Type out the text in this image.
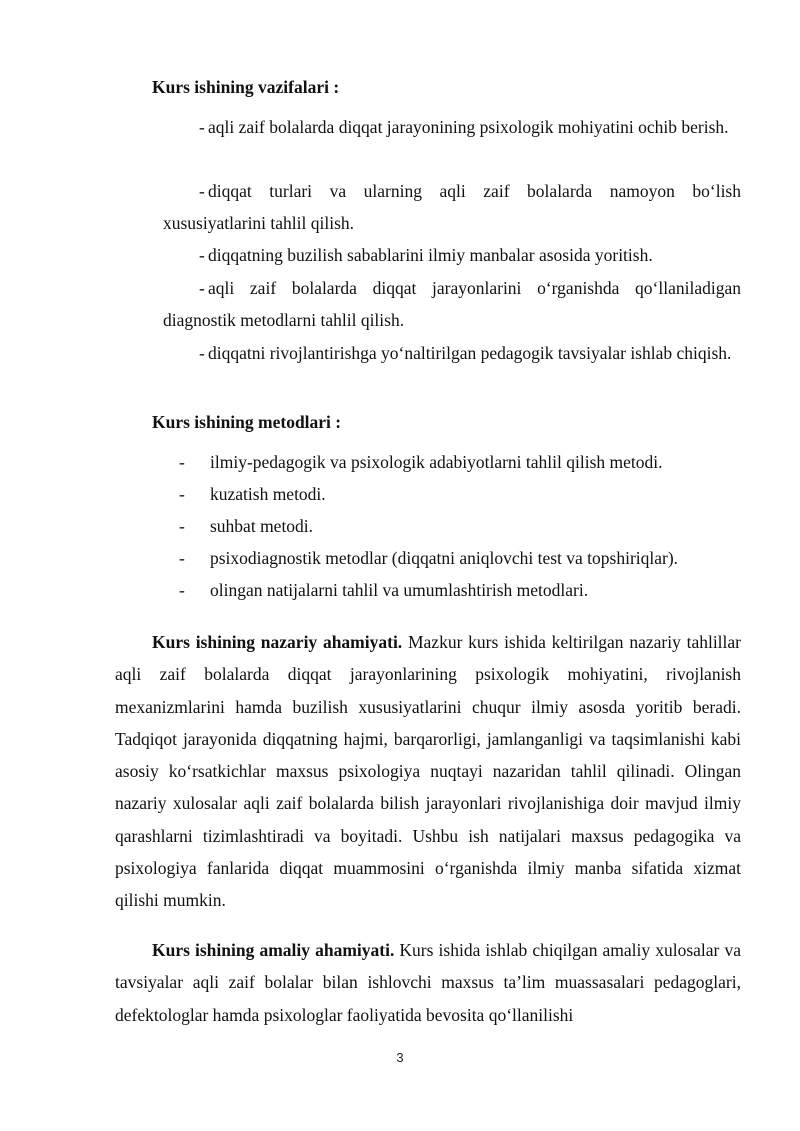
Kurs ishining vazifalari :

- aqli zaif bolalarda diqqat jarayonining psixologik mohiyatini ochib berish.

- diqqat turlari va ularning aqli zaif bolalarda namoyon bo‘lish xususiyatlarini tahlil qilish.

- diqqatning buzilish sabablarini ilmiy manbalar asosida yoritish.

- aqli zaif bolalarda diqqat jarayonlarini o‘rganishda qo‘llaniladigan diagnostik metodlarni tahlil qilish.

- diqqatni rivojlantirishga yo‘naltirilgan pedagogik tavsiyalar ishlab chiqish.

Kurs ishining metodlari :

- ilmiy-pedagogik va psixologik adabiyotlarni tahlil qilish metodi.

- kuzatish metodi.

- suhbat metodi.

- psixodiagnostik metodlar (diqqatni aniqlovchi test va topshiriqlar).

- olingan natijalarni tahlil va umumlashtirish metodlari.

Kurs ishining nazariy ahamiyati. Mazkur kurs ishida keltirilgan nazariy tahlillar aqli zaif bolalarda diqqat jarayonlarining psixologik mohiyatini, rivojlanish mexanizmlarini hamda buzilish xususiyatlarini chuqur ilmiy asosda yoritib beradi. Tadqiqot jarayonida diqqatning hajmi, barqarorligi, jamlanganligi va taqsimlanishi kabi asosiy ko‘rsatkichlar maxsus psixologiya nuqtayi nazaridan tahlil qilinadi. Olingan nazariy xulosalar aqli zaif bolalarda bilish jarayonlari rivojlanishiga doir mavjud ilmiy qarashlarni tizimlashtiradi va boyitadi. Ushbu ish natijalari maxsus pedagogika va psixologiya fanlarida diqqat muammosini o‘rganishda ilmiy manba sifatida xizmat qilishi mumkin.

Kurs ishining amaliy ahamiyati. Kurs ishida ishlab chiqilgan amaliy xulosalar va tavsiyalar aqli zaif bolalar bilan ishlovchi maxsus ta’lim muassasalari pedagoglari, defektologlar hamda psixologlar faoliyatida bevosita qo‘llanilishi

3
